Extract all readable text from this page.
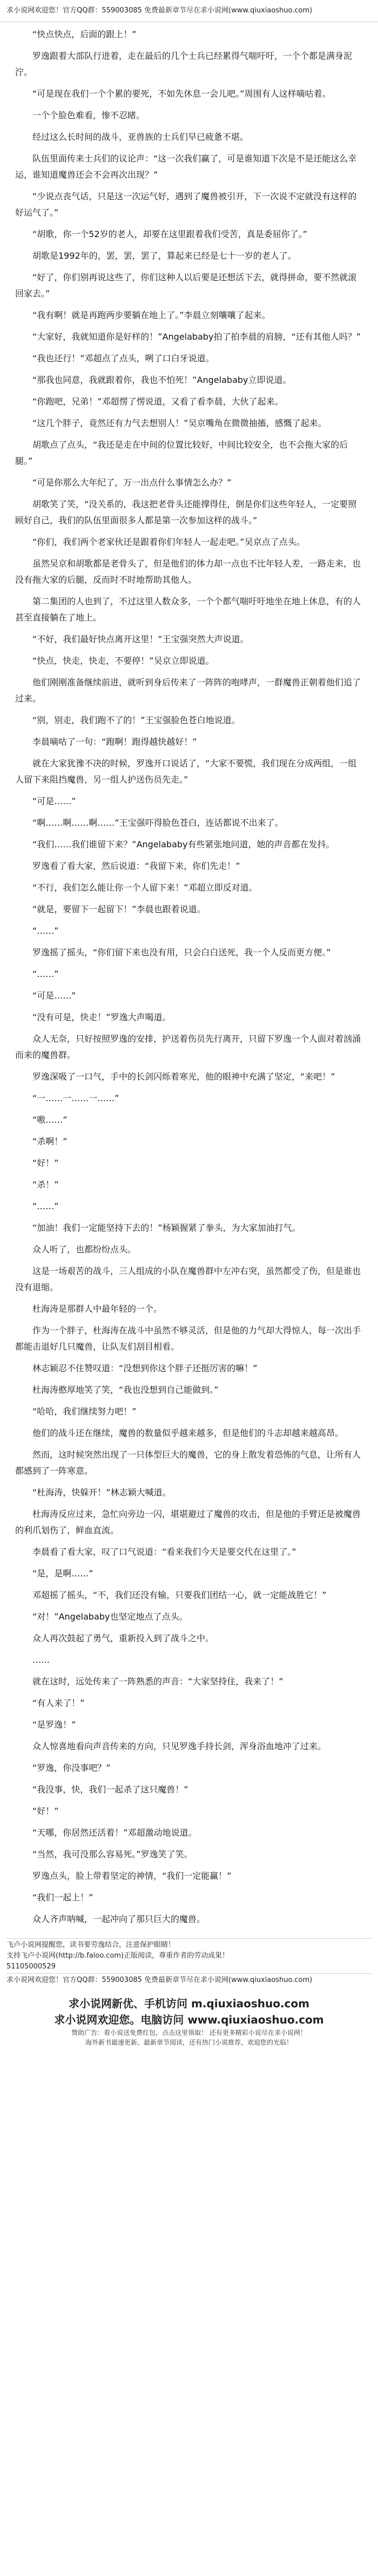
求小说网欢迎您！官方QQ群：559003085 免费最新章节尽在求小说网(www.qiuxiaoshuo.com)

“快点快点，后面的跟上！”

罗逸跟着大部队行进着，走在最后的几个士兵已经累得气喘吁吁，一个个都是满身泥泞。

“可是现在我们一个个累的要死，不如先休息一会儿吧。”周围有人这样嘀咕着。

一个个脸色难看，惨不忍睹。

经过这么长时间的战斗，亚兽族的士兵们早已疲惫不堪。

队伍里面传来士兵们的议论声：“这一次我们赢了，可是谁知道下次是不是还能这么幸运，谁知道魔兽还会不会再次出现？”

“少说点丧气话，只是这一次运气好，遇到了魔兽被引开，下一次说不定就没有这样的好运气了。”

“胡歌，你一个52岁的老人，却要在这里跟着我们受苦，真是委屈你了。”

胡歌是1992年的，罢，罢，罢了，算起来已经是七十一岁的老人了。

“好了，你们别再说这些了，你们这种人以后要是还想活下去，就得拼命，要不然就滚回家去。”

“我有啊！就是再跑两步要躺在地上了。”李晨立刻嚷嚷了起来。

“大家好，我就知道你是好样的！”Angelababy拍了拍李晨的肩膀，“还有其他人吗？”

“我也还行！”邓超点了点头，咧了口白牙说道。

“那我也同意，我就跟着你，我也不怕死！”Angelababy立即说道。

“你跑吧，兄弟！”邓超愣了愣说道，又看了看李晨，大伙了起来。

“这几个胖子，竟然还有力气去想别人！”吴京嘴角在微微抽搐，感慨了起来。

胡歌点了点头，“我还是走在中间的位置比较好，中间比较安全，也不会拖大家的后腿。”

“可是你那么大年纪了，万一出点什么事情怎么办？”

胡歌笑了笑，“没关系的，我这把老骨头还能撑得住，倒是你们这些年轻人，一定要照顾好自己，我们的队伍里面很多人都是第一次参加这样的战斗。”

“你们，我们两个老家伙还是跟着你们年轻人一起走吧。”吴京点了点头。

虽然吴京和胡歌都是老骨头了，但是他们的体力却一点也不比年轻人差，一路走来，也没有拖大家的后腿，反而时不时地帮助其他人。

第二集团的人也到了，不过这里人数众多，一个个都气喘吁吁地坐在地上休息，有的人甚至直接躺在了地上。

“不好，我们最好快点离开这里！”王宝强突然大声说道。

“快点，快走，快走，不要停！”吴京立即说道。

他们刚刚准备继续前进，就听到身后传来了一阵阵的咆哮声，一群魔兽正朝着他们追了过来。

“别，别走，我们跑不了的！”王宝强脸色苍白地说道。

李晨嘀咕了一句：“跑啊！跑得越快越好！”

就在大家犹豫不决的时候，罗逸开口说话了，“大家不要慌，我们现在分成两组，一组人留下来阻挡魔兽，另一组人护送伤员先走。”

“可是……”

“啊……啊……啊……”王宝强吓得脸色苍白，连话都说不出来了。

“我们……我们谁留下来？”Angelababy有些紧张地问道，她的声音都在发抖。

罗逸看了看大家，然后说道：“我留下来，你们先走！”

“不行，我们怎么能让你一个人留下来！”邓超立即反对道。

“就是，要留下一起留下！”李晨也跟着说道。

“……”

罗逸摇了摇头，“你们留下来也没有用，只会白白送死，我一个人反而更方便。”

“……”

“可是……”

“没有可是，快走！”罗逸大声喝道。

众人无奈，只好按照罗逸的安排，护送着伤员先行离开，只留下罗逸一个人面对着汹涌而来的魔兽群。

罗逸深吸了一口气，手中的长剑闪烁着寒光，他的眼神中充满了坚定，“来吧！”

“一……一……一……”

“嗷……”

“杀啊！”

“好！”

“杀！”

“……”

“加油！我们一定能坚持下去的！”杨颖握紧了拳头，为大家加油打气。

众人听了，也都纷纷点头。

这是一场艰苦的战斗，三人组成的小队在魔兽群中左冲右突，虽然都受了伤，但是谁也没有退缩。

杜海涛是那群人中最年轻的一个。

作为一个胖子，杜海涛在战斗中虽然不够灵活，但是他的力气却大得惊人，每一次出手都能击退好几只魔兽，让队友们刮目相看。

林志颖忍不住赞叹道：“没想到你这个胖子还挺厉害的嘛！”

杜海涛憨厚地笑了笑，“我也没想到自己能做到。”

“哈哈，我们继续努力吧！”

他们的战斗还在继续，魔兽的数量似乎越来越多，但是他们的斗志却越来越高昂。

然而，这时候突然出现了一只体型巨大的魔兽，它的身上散发着恐怖的气息，让所有人都感到了一阵寒意。

“杜海涛，快躲开！”林志颖大喊道。

杜海涛反应过来，急忙向旁边一闪，堪堪避过了魔兽的攻击，但是他的手臂还是被魔兽的利爪划伤了，鲜血直流。

李晨看了看大家，叹了口气说道：“看来我们今天是要交代在这里了。”

“是，是啊……”

邓超摇了摇头，“不，我们还没有输，只要我们团结一心，就一定能战胜它！”

“对！”Angelababy也坚定地点了点头。

众人再次鼓起了勇气，重新投入到了战斗之中。

……

就在这时，远处传来了一阵熟悉的声音：“大家坚持住，我来了！”

“有人来了！”

“是罗逸！”

众人惊喜地看向声音传来的方向，只见罗逸手持长剑，浑身浴血地冲了过来。

“罗逸，你没事吧？”

“我没事，快，我们一起杀了这只魔兽！”

“好！”

“天哪，你居然还活着！”邓超激动地说道。

“当然，我可没那么容易死。”罗逸笑了笑。

罗逸点头，脸上带着坚定的神情，“我们一定能赢！”

“我们一起上！”

众人齐声呐喊，一起冲向了那只巨大的魔兽。

飞卢小说网提醒您，读书要劳逸结合，注意保护眼睛！
支持飞卢小说网(http://b.faloo.com)正版阅读，尊重作者的劳动成果！
51105000529
求小说网欢迎您！官方QQ群：559003085 免费最新章节尽在求小说网(www.qiuxiaoshuo.com)
求小说网新优、手机访问 m.qiuxiaoshuo.com
求小说网欢迎您。电脑访问 www.qiuxiaoshuo.com
赞助广告：看小说送免费红包，点击这里领取！ 还有更多精彩小说尽在求小说网！
海外新书最速更新、最新章节阅读，还有热门小说推荐，欢迎您的光临！
